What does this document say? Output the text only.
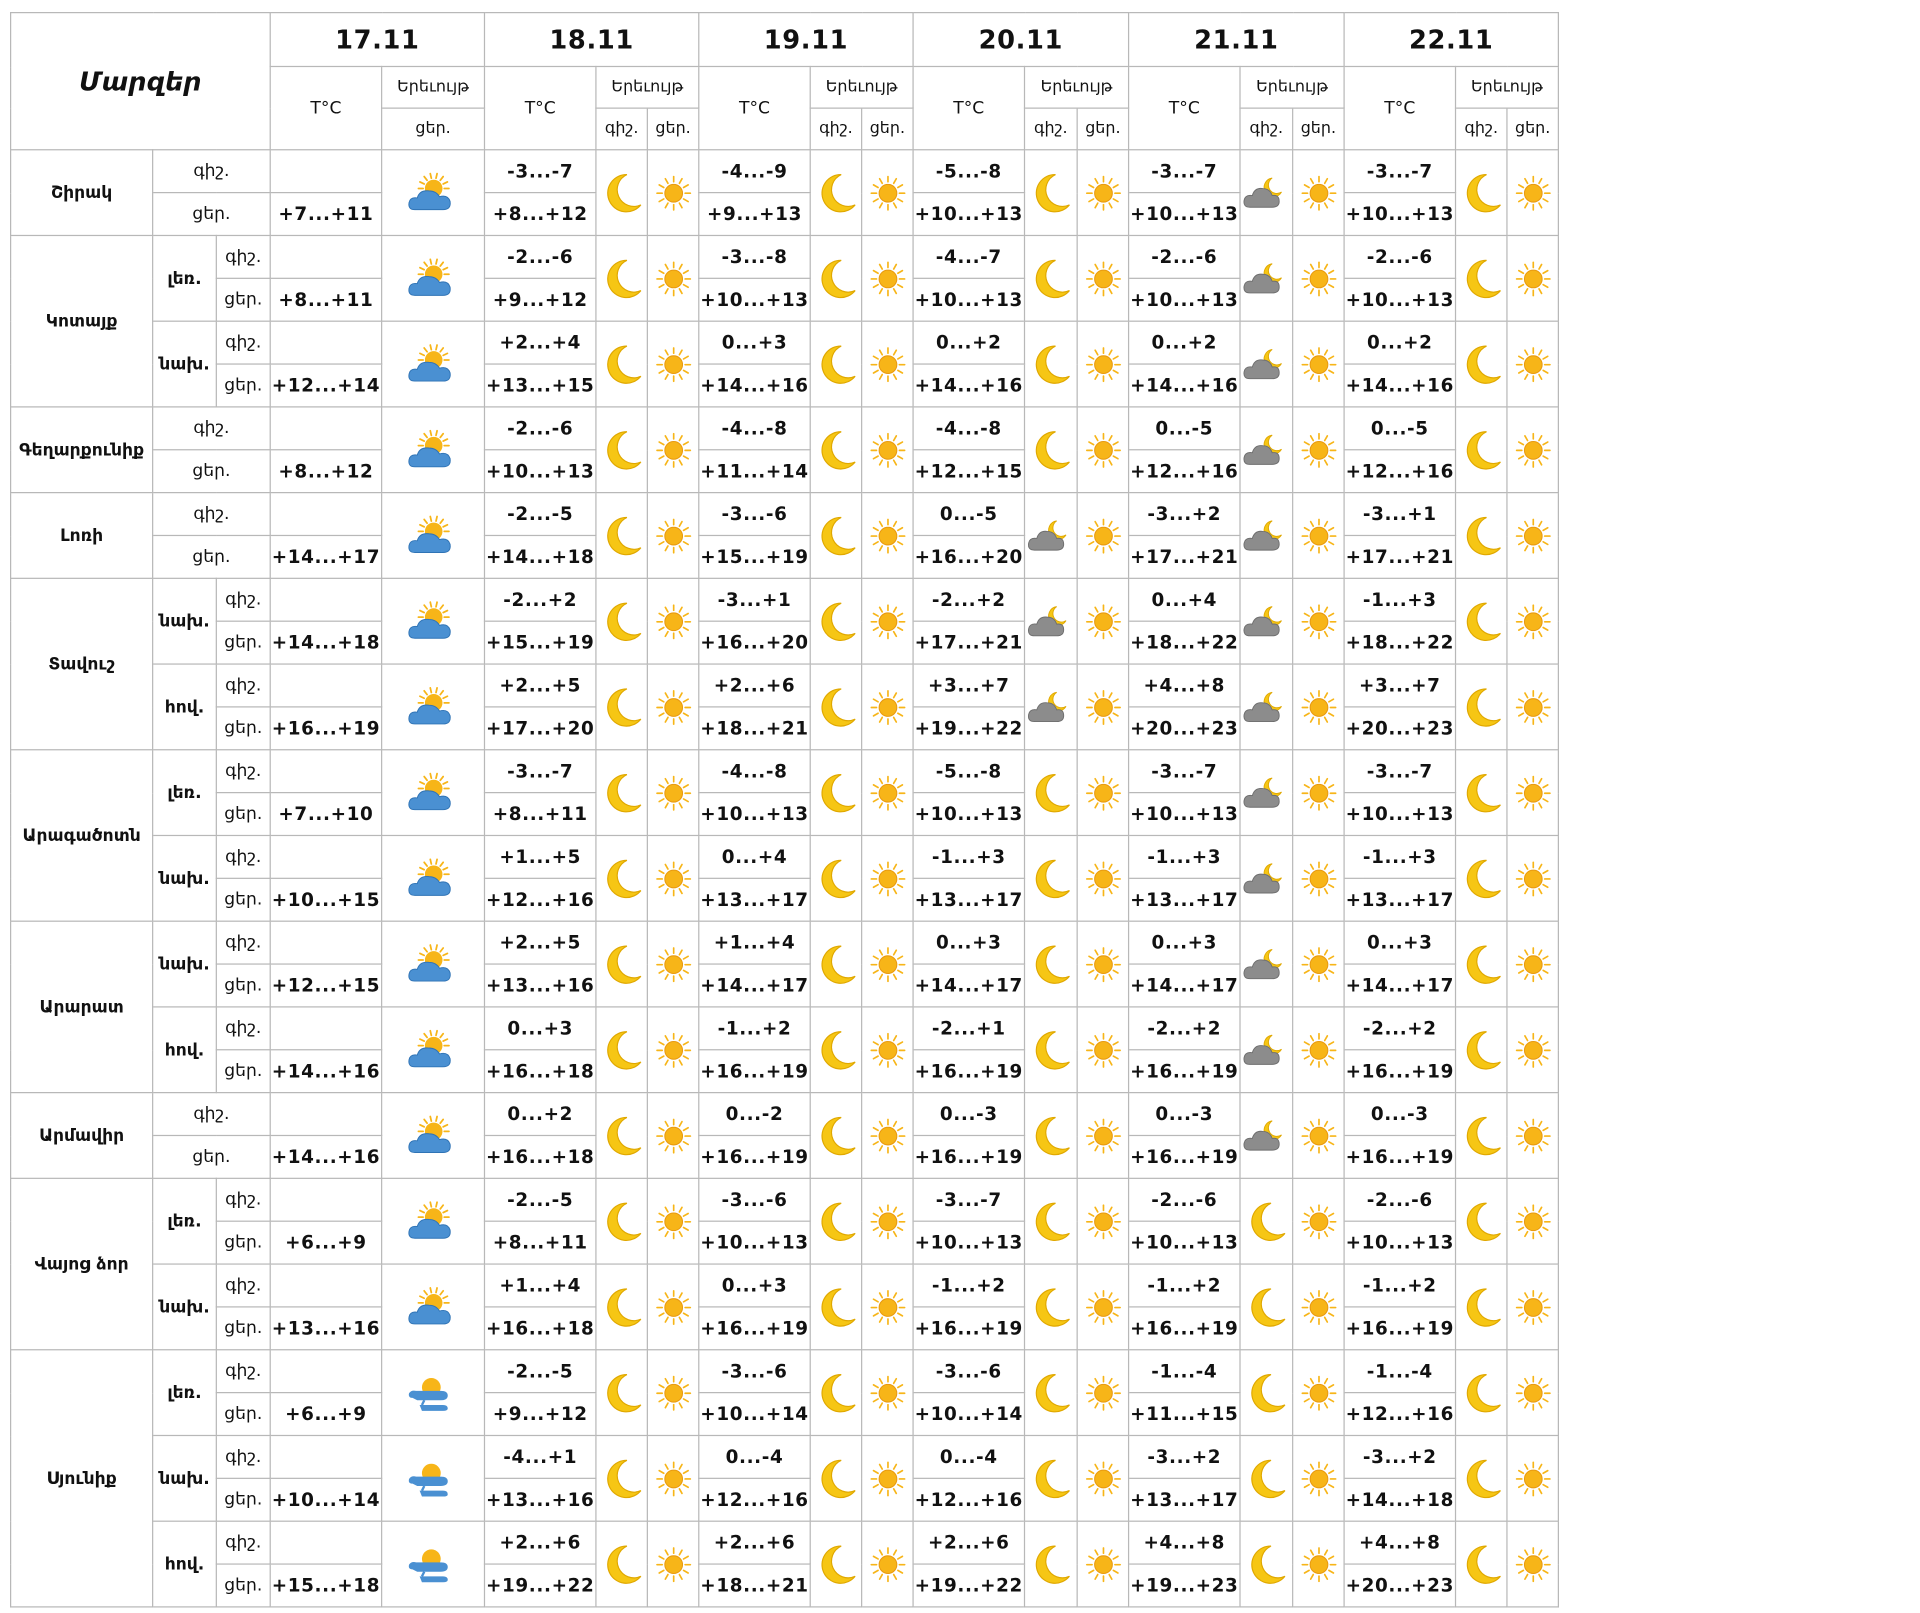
Մարզեր			17.11		18.11			19.11			20.11			21.11			22.11		
			T°C	Երեւույթ	T°C	Երեւույթ		T°C	Երեւույթ		T°C	Երեւույթ		T°C	Երեւույթ		T°C	Երեւույթ	
				ցեր.		գիշ.	ցեր.		գիշ.	ցեր.		գիշ.	ցեր.		գիշ.	ցեր.		գիշ.	ցեր.
Շիրակ	գիշ.				-3...-7			-4...-9			-5...-8			-3...-7			-3...-7	

	ցեր.		+7...+11		+8...+12			+9...+13			+10...+13			+10...+13			+10...+13		
Կոտայք	լեռ.	գիշ.			-2...-6			-3...-8			-4...-7			-2...-6			-2...-6	

		ցեր.	+8...+11		+9...+12			+10...+13			+10...+13			+10...+13			+10...+13		
	նախ.	գիշ.			+2...+4			0...+3			0...+2			0...+2			0...+2	

		ցեր.	+12...+14		+13...+15			+14...+16			+14...+16			+14...+16			+14...+16		
Գեղարքունիք	գիշ.				-2...-6			-4...-8			-4...-8			0...-5			0...-5	

	ցեր.		+8...+12		+10...+13			+11...+14			+12...+15			+12...+16			+12...+16		
Լոռի	գիշ.				-2...-5			-3...-6			0...-5			-3...+2			-3...+1	

	ցեր.		+14...+17		+14...+18			+15...+19			+16...+20			+17...+21			+17...+21		
Տավուշ	նախ.	գիշ.			-2...+2			-3...+1			-2...+2			0...+4			-1...+3	

		ցեր.	+14...+18		+15...+19			+16...+20			+17...+21			+18...+22			+18...+22		
	հով.	գիշ.			+2...+5			+2...+6			+3...+7			+4...+8			+3...+7	

		ցեր.	+16...+19		+17...+20			+18...+21			+19...+22			+20...+23			+20...+23		
Արագածոտն	լեռ.	գիշ.			-3...-7			-4...-8			-5...-8			-3...-7			-3...-7	

		ցեր.	+7...+10		+8...+11			+10...+13			+10...+13			+10...+13			+10...+13		
	նախ.	գիշ.			+1...+5			0...+4			-1...+3			-1...+3			-1...+3	

		ցեր.	+10...+15		+12...+16			+13...+17			+13...+17			+13...+17			+13...+17		
Արարատ	նախ.	գիշ.			+2...+5			+1...+4			0...+3			0...+3			0...+3	

		ցեր.	+12...+15		+13...+16			+14...+17			+14...+17			+14...+17			+14...+17		
	հով.	գիշ.			0...+3			-1...+2			-2...+1			-2...+2			-2...+2	

		ցեր.	+14...+16		+16...+18			+16...+19			+16...+19			+16...+19			+16...+19		
Արմավիր	գիշ.				0...+2			0...-2			0...-3			0...-3			0...-3	

	ցեր.		+14...+16		+16...+18			+16...+19			+16...+19			+16...+19			+16...+19		
Վայոց ձոր	լեռ.	գիշ.			-2...-5			-3...-6			-3...-7			-2...-6			-2...-6	

		ցեր.	+6...+9		+8...+11			+10...+13			+10...+13			+10...+13			+10...+13		
	նախ.	գիշ.			+1...+4			0...+3			-1...+2			-1...+2			-1...+2	

		ցեր.	+13...+16		+16...+18			+16...+19			+16...+19			+16...+19			+16...+19		
Սյունիք	լեռ.	գիշ.			-2...-5			-3...-6			-3...-6			-1...-4			-1...-4	

		ցեր.	+6...+9		+9...+12			+10...+14			+10...+14			+11...+15			+12...+16		
	նախ.	գիշ.			-4...+1			0...-4			0...-4			-3...+2			-3...+2	

		ցեր.	+10...+14		+13...+16			+12...+16			+12...+16			+13...+17			+14...+18		
	հով.	գիշ.			+2...+6			+2...+6			+2...+6			+4...+8			+4...+8	

		ցեր.	+15...+18		+19...+22			+18...+21			+19...+22			+19...+23			+20...+23		
